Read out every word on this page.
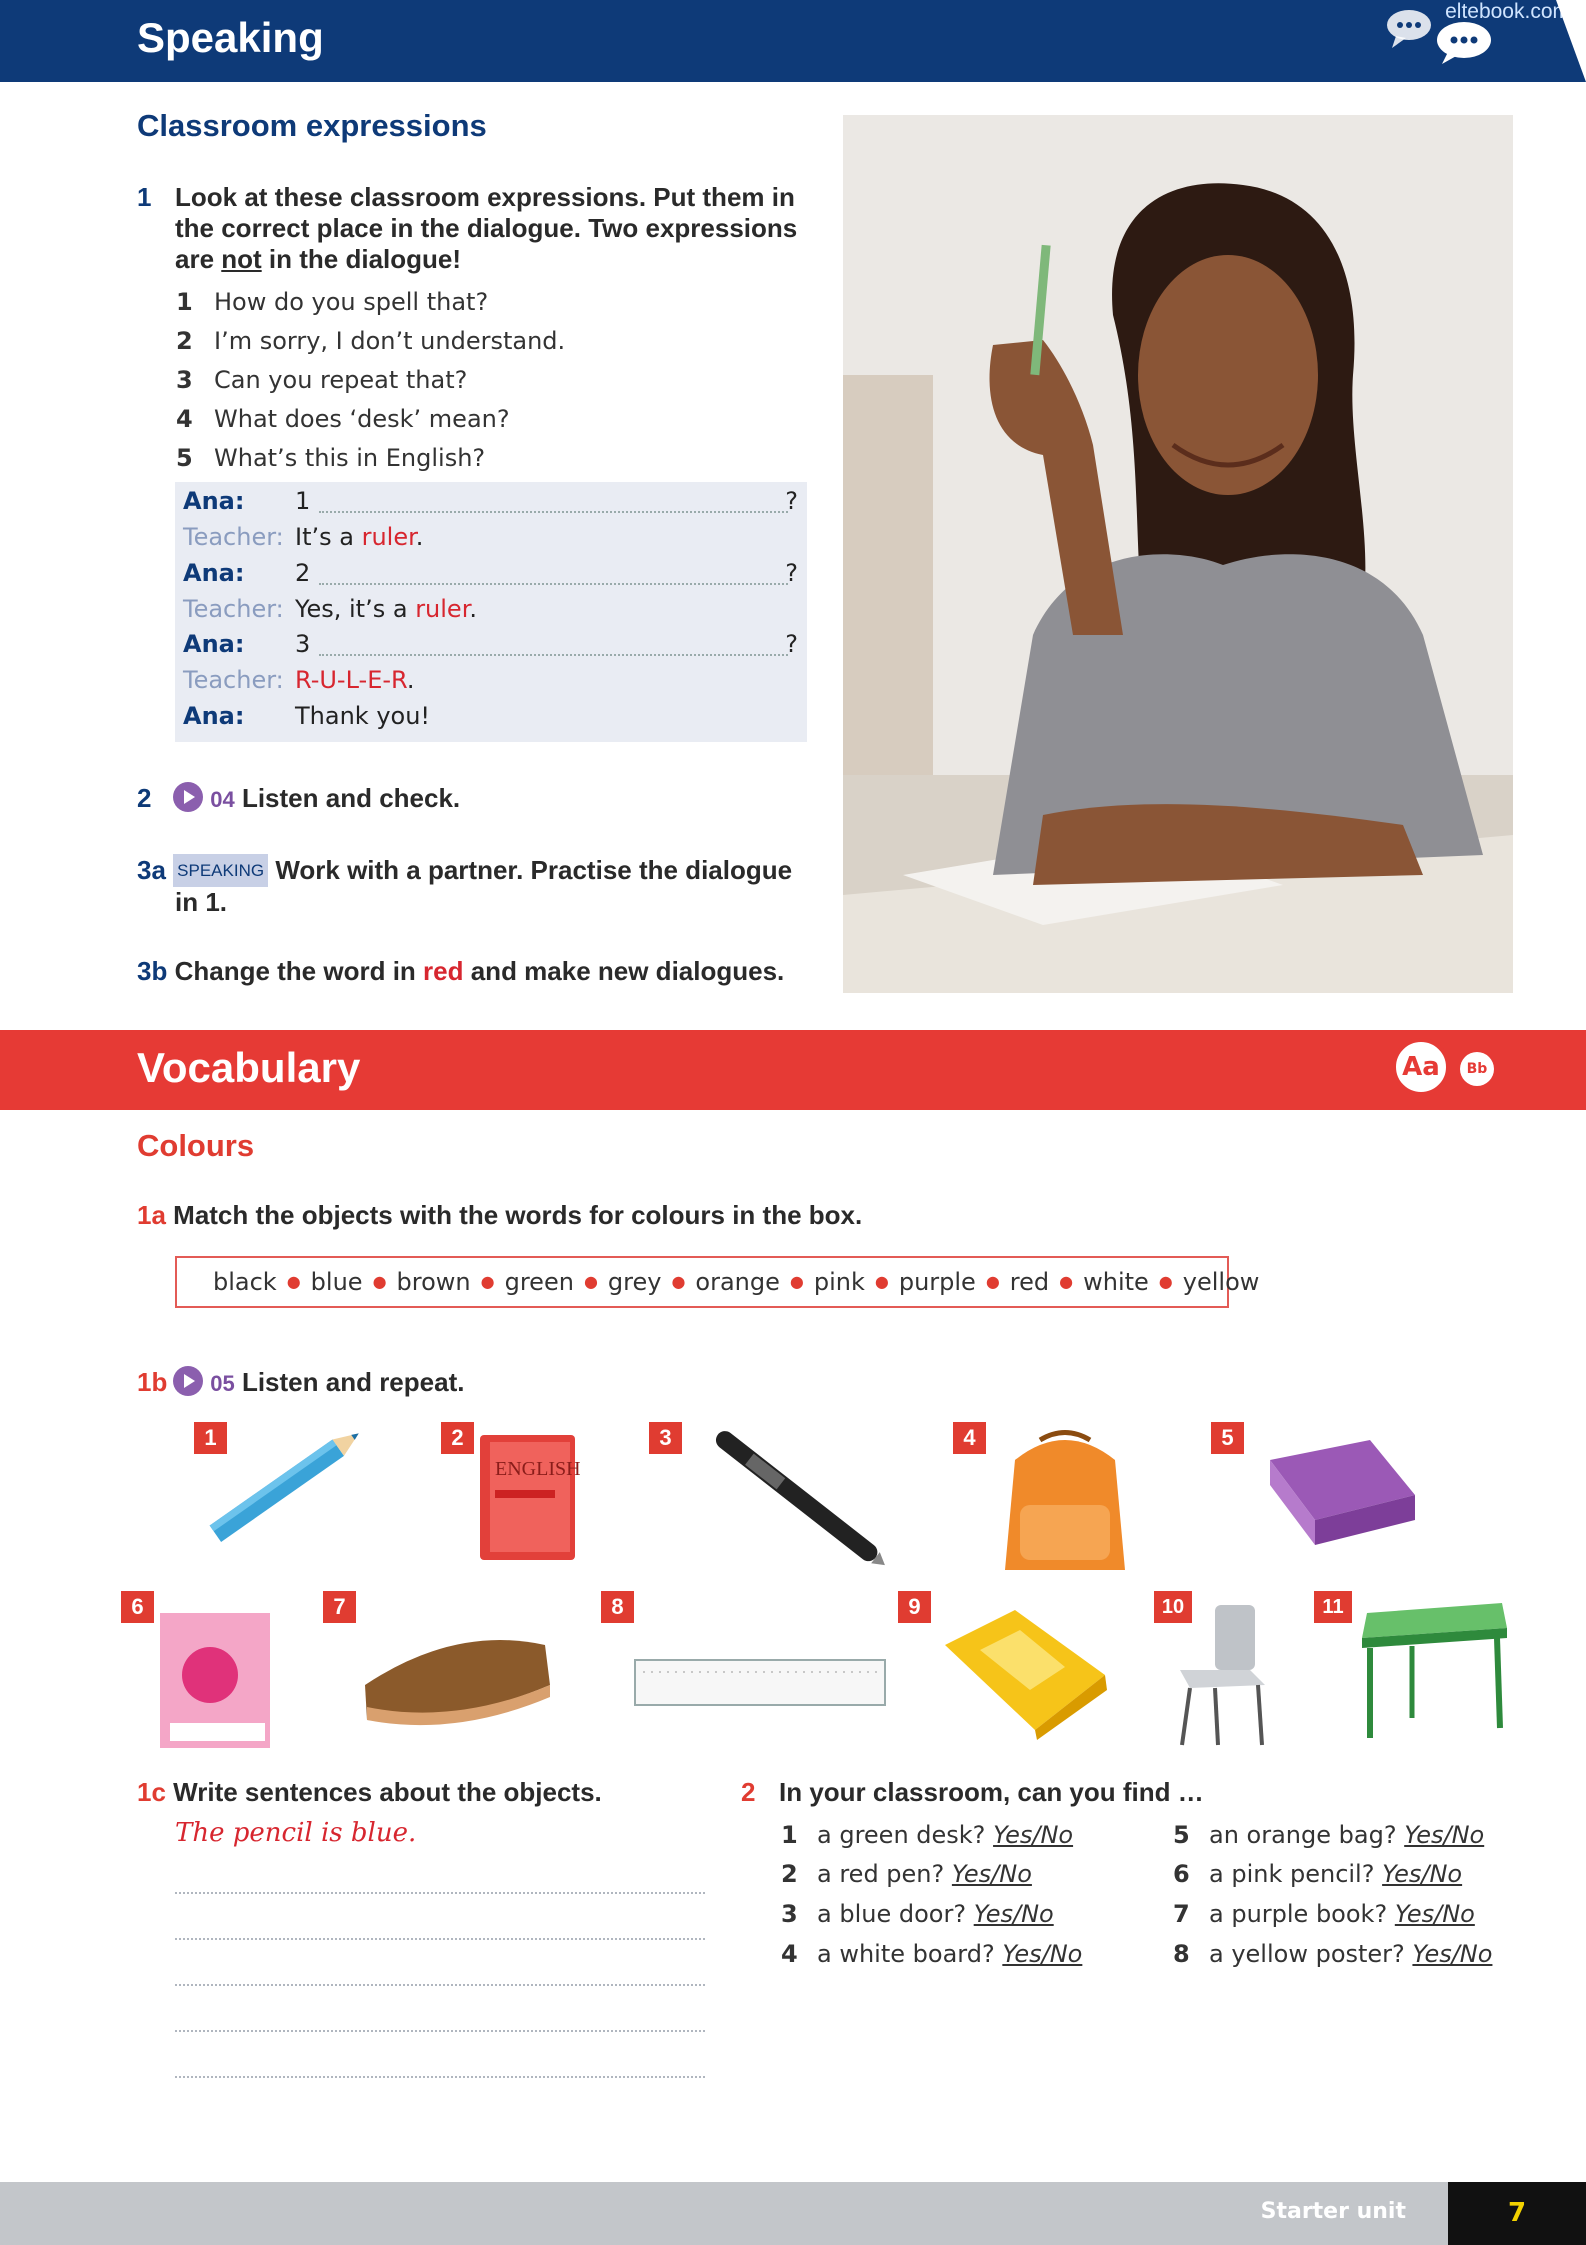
Speaking
eltebook.com
Classroom expressions
1 Look at these classroom expressions. Put them in
the correct place in the dialogue. Two expressions
are not in the dialogue!
1 How do you spell that?
2 I’m sorry, I don’t understand.
3 Can you repeat that?
4 What does ‘desk’ mean?
5 What’s this in English?
Ana: 1	?
Teacher: It’s a ruler.
Ana: 2	?
Teacher: Yes, it’s a ruler.
Ana: 3	?
Teacher: R-U-L-E-R.
Ana: Thank you!
2	04 Listen and check.
3a SPEAKING Work with a partner. Practise the dialogue
in 1.
3b Change the word in red and make new dialogues.
Vocabulary	Aa	Bb
Colours
1a Match the objects with the words for colours in the box.
black ● blue ● brown ● green ● grey ● orange ● pink ● purple ● red ● white ● yellow
1b 05 Listen and repeat.
1	2	3	4	5
6	7	8	9	10	11
ENGLISH
1c Write sentences about the objects.
The pencil is blue.
2 In your classroom, can you find …
1 a green desk? Yes/No
2 a red pen? Yes/No
3 a blue door? Yes/No
4 a white board? Yes/No
5 an orange bag? Yes/No
6 a pink pencil? Yes/No
7 a purple book? Yes/No
8 a yellow poster? Yes/No
Starter unit	7
